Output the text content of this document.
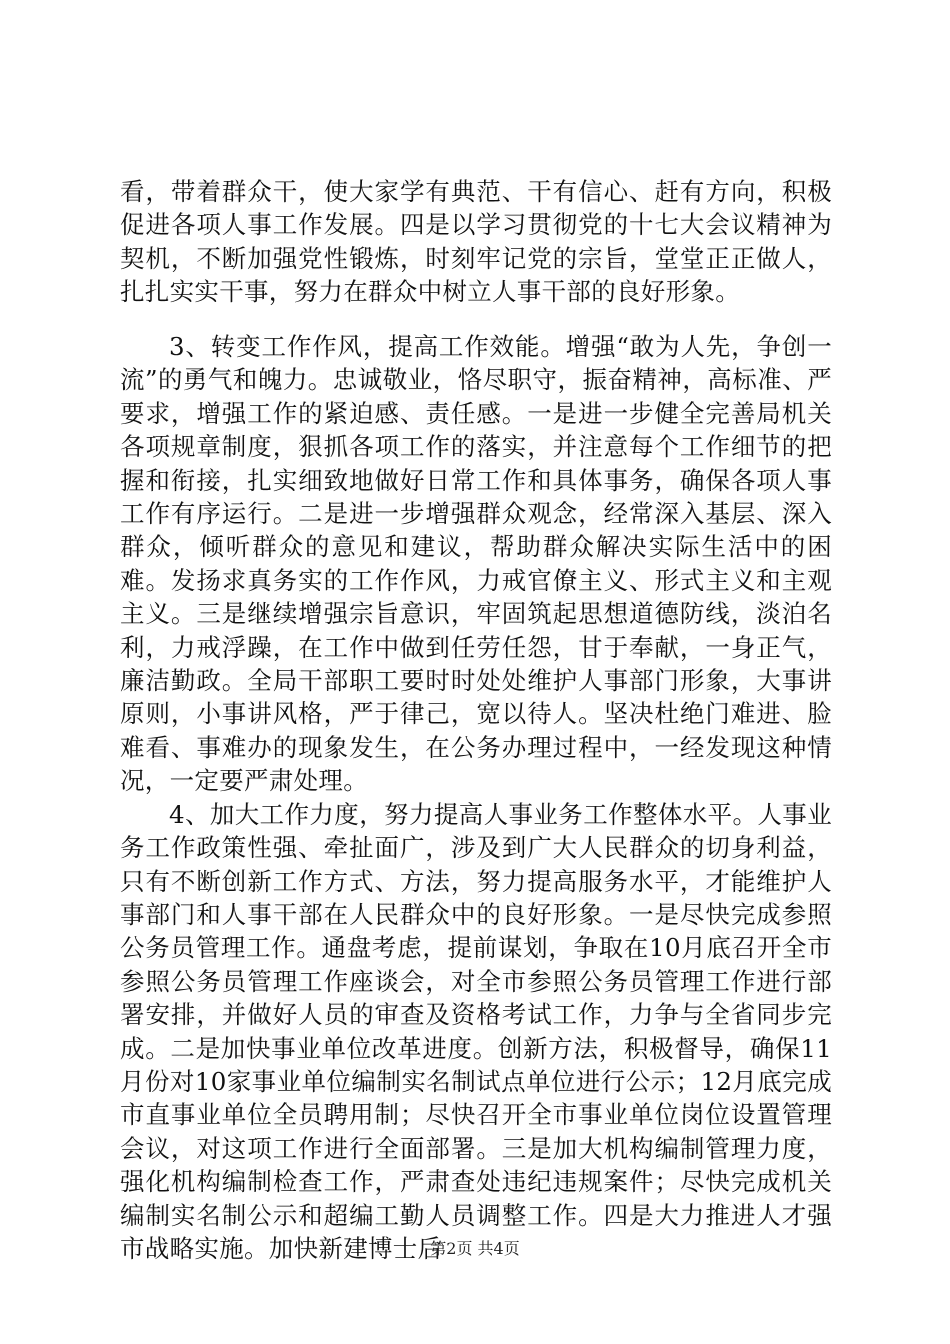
看，带着群众干，使大家学有典范、干有信心、赶有方向，积极促进各项人事工作发展。四是以学习贯彻党的十七大会议精神为契机，不断加强党性锻炼，时刻牢记党的宗旨，堂堂正正做人，扎扎实实干事，努力在群众中树立人事干部的良好形象。

3、转变工作作风，提高工作效能。增强“敢为人先，争创一流”的勇气和魄力。忠诚敬业，恪尽职守，振奋精神，高标准、严要求，增强工作的紧迫感、责任感。一是进一步健全完善局机关各项规章制度，狠抓各项工作的落实，并注意每个工作细节的把握和衔接，扎实细致地做好日常工作和具体事务，确保各项人事工作有序运行。二是进一步增强群众观念，经常深入基层、深入群众，倾听群众的意见和建议，帮助群众解决实际生活中的困难。发扬求真务实的工作作风，力戒官僚主义、形式主义和主观主义。三是继续增强宗旨意识，牢固筑起思想道德防线，淡泊名利，力戒浮躁，在工作中做到任劳任怨，甘于奉献，一身正气，廉洁勤政。全局干部职工要时时处处维护人事部门形象，大事讲原则，小事讲风格，严于律己，宽以待人。坚决杜绝门难进、脸难看、事难办的现象发生，在公务办理过程中，一经发现这种情况，一定要严肃处理。

4、加大工作力度，努力提高人事业务工作整体水平。人事业务工作政策性强、牵扯面广，涉及到广大人民群众的切身利益，只有不断创新工作方式、方法，努力提高服务水平，才能维护人事部门和人事干部在人民群众中的良好形象。一是尽快完成参照公务员管理工作。通盘考虑，提前谋划，争取在10月底召开全市参照公务员管理工作座谈会，对全市参照公务员管理工作进行部署安排，并做好人员的审查及资格考试工作，力争与全省同步完成。二是加快事业单位改革进度。创新方法，积极督导，确保11月份对10家事业单位编制实名制试点单位进行公示；12月底完成市直事业单位全员聘用制；尽快召开全市事业单位岗位设置管理会议，对这项工作进行全面部署。三是加大机构编制管理力度，强化机构编制检查工作，严肃查处违纪违规案件；尽快完成机关编制实名制公示和超编工勤人员调整工作。四是大力推进人才强市战略实施。加快新建博士后

第2页 共4页
